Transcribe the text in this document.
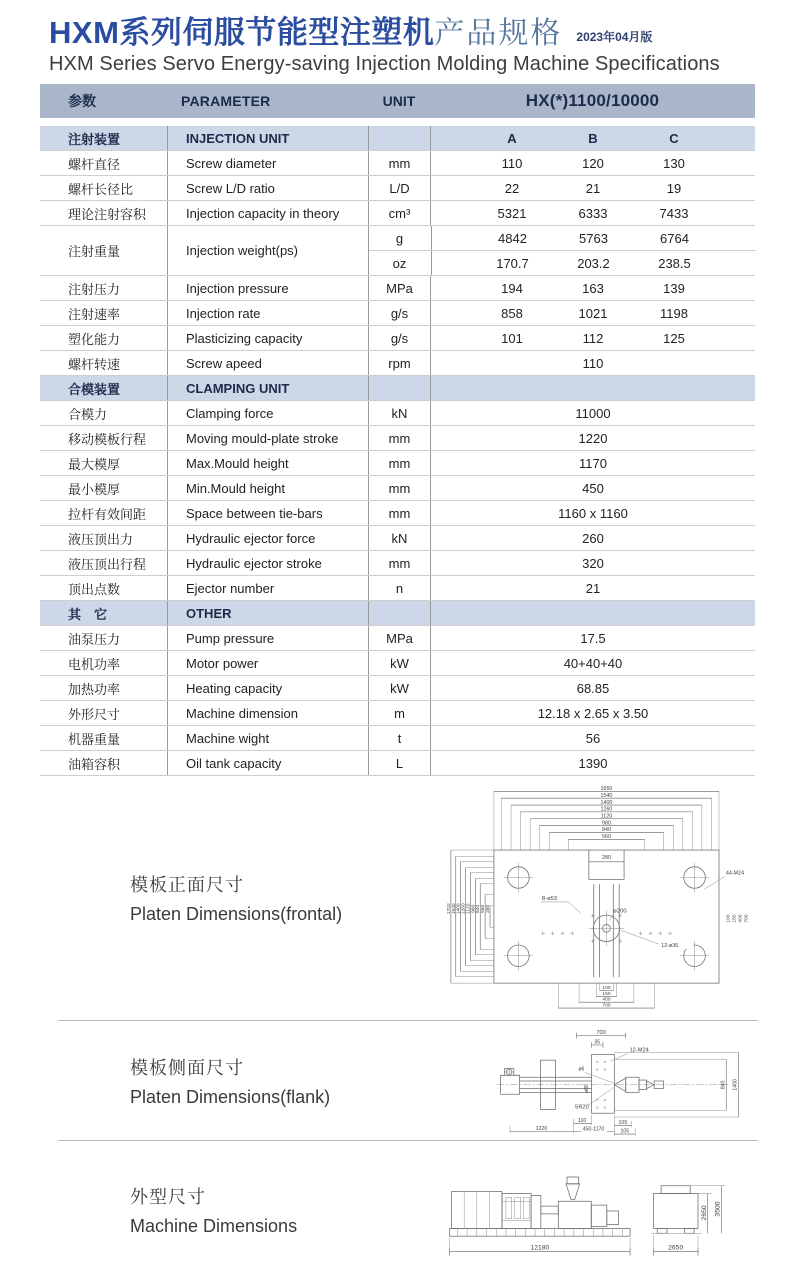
HXM系列伺服节能型注塑机 产品规格 2023年04月版
HXM Series Servo Energy-saving Injection Molding Machine Specifications
参数	PARAMETER	UNIT	HX(*)1100/10000
注射装置	INJECTION UNIT	A	B	C
螺杆直径	Screw diameter	mm	110	120	130
螺杆长径比	Screw L/D ratio	L/D	22	21	19
理论注射容积	Injection capacity in theory	cm³	5321	6333	7433
注射重量	Injection weight(ps)
g	4842	5763	6764
oz	170.7	203.2	238.5
注射压力	Injection pressure	MPa	194	163	139
注射速率	Injection rate	g/s	858	1021	1198
塑化能力	Plasticizing capacity	g/s	101	112	125
螺杆转速	Screw apeed	rpm	110
合模装置	CLAMPING UNIT
合模力	Clamping force	kN	11000
移动模板行程	Moving mould-plate stroke	mm	1220
最大模厚	Max.Mould height	mm	1170
最小模厚	Min.Mould height	mm	450
拉杆有效间距	Space between tie-bars	mm	1160 x 1160
液压顶出力	Hydraulic ejector force	kN	260
液压顶出行程	Hydraulic ejector stroke	mm	320
顶出点数	Ejector number	n	21
其　它	OTHER
油泵压力	Pump pressure	MPa	17.5
电机功率	Motor power	kW	40+40+40
加热功率	Heating capacity	kW	68.85
外形尺寸	Machine dimension	m	12.18 x 2.65 x 3.50
机器重量	Machine wight	t	56
油箱容积	Oil tank capacity	L	1390
模板正面尺寸
Platen Dimensions(frontal)
1650
1540
1400
1260
1120
980
840
560
1702 1540 1400 1260 1120 980 840 560 280	ø200
8-ø53
44-M24
12-ø36
100 150 400 700
280
100
150
400
700
模板侧面尺寸
Platen Dimensions(flank)
700
35
12-M24
ø6
ø80
SR20
840 1400
110
1220	450-1170
105
105
外型尺寸
Machine Dimensions
12180	2650
2650 3500
